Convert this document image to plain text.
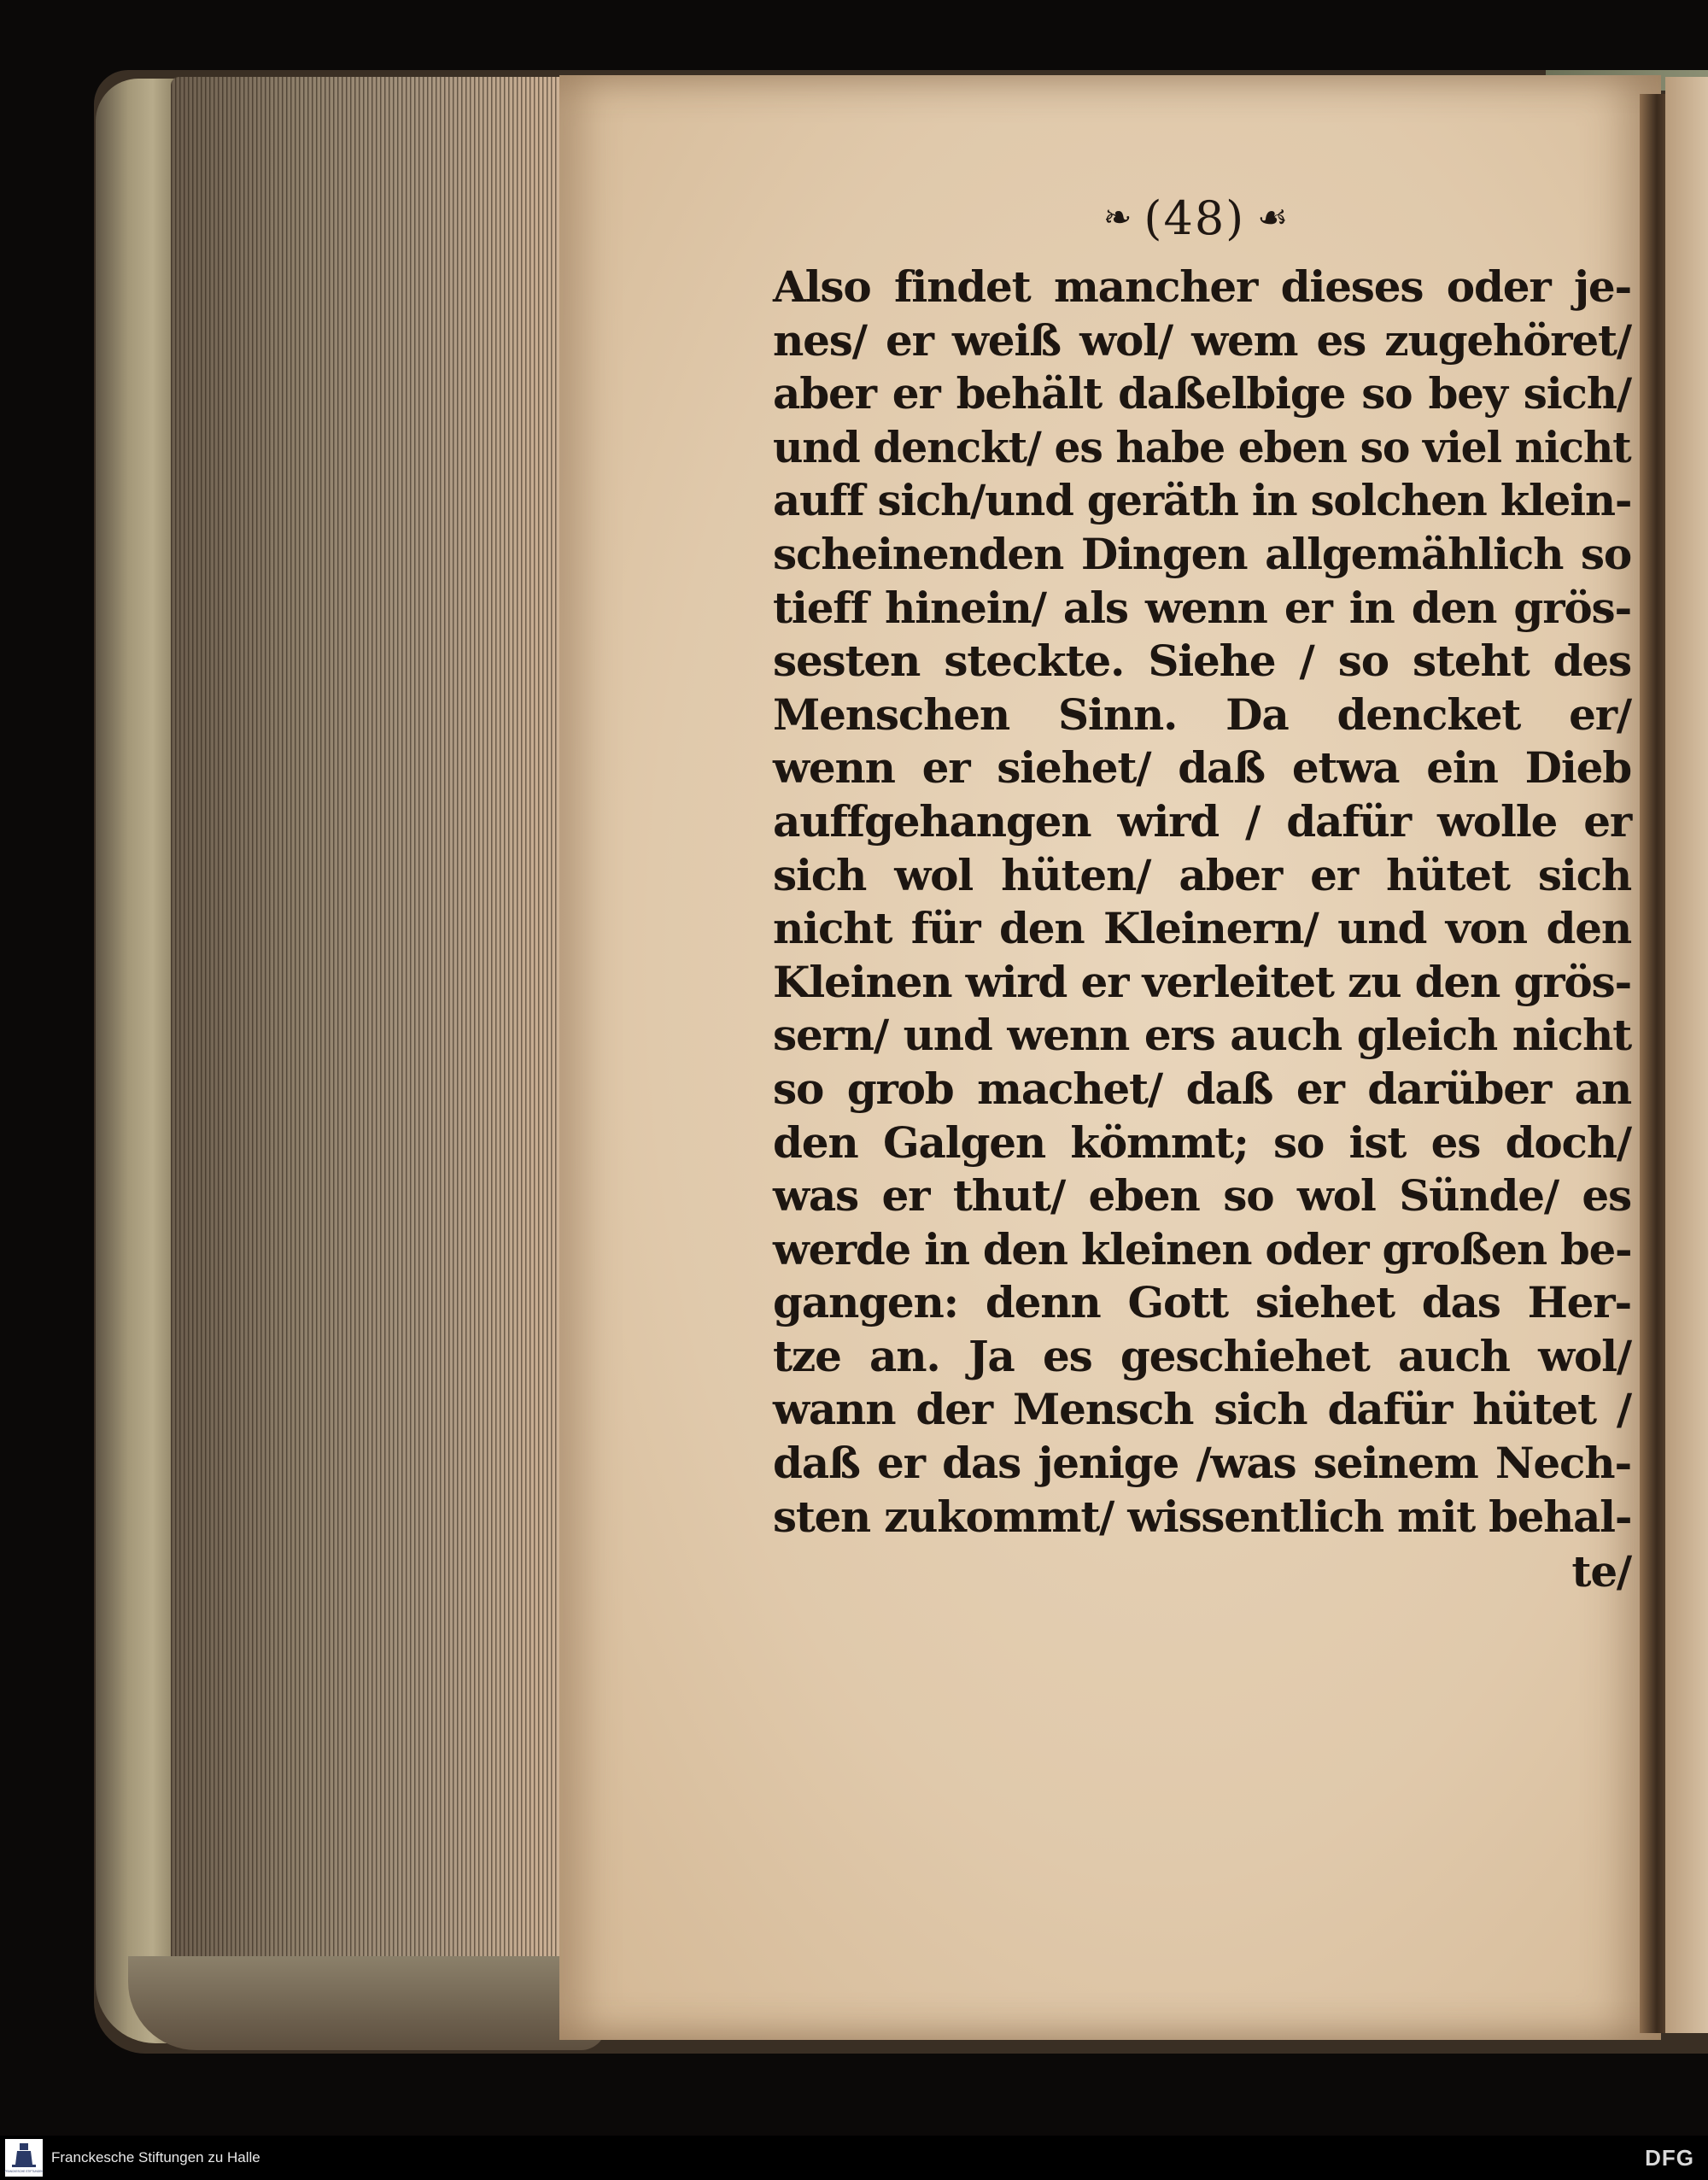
❧ (48) ☙
Also findet mancher dieses oder je-
nes/ er weiß wol/ wem es zugehöret/
aber er behält daßelbige so bey sich/
und denckt/ es habe eben so viel nicht
auff sich/und geräth in solchen klein-
scheinenden Dingen allgemählich so
tieff hinein/ als wenn er in den grös-
sesten steckte. Siehe / so steht des
Menschen Sinn. Da dencket er/
wenn er siehet/ daß etwa ein Dieb
auffgehangen wird / dafür wolle er
sich wol hüten/ aber er hütet sich
nicht für den Kleinern/ und von den
Kleinen wird er verleitet zu den grös-
sern/ und wenn ers auch gleich nicht
so grob machet/ daß er darüber an
den Galgen kömmt; so ist es doch/
was er thut/ eben so wol Sünde/ es
werde in den kleinen oder großen be-
gangen: denn Gott siehet das Her-
tze an. Ja es geschiehet auch wol/
wann der Mensch sich dafür hütet /
daß er das jenige /was seinem Nech-
sten zukommt/ wissentlich mit behal-
te/
FRANCKESCHE STIFTUNGEN
Franckesche Stiftungen zu Halle	DFG
